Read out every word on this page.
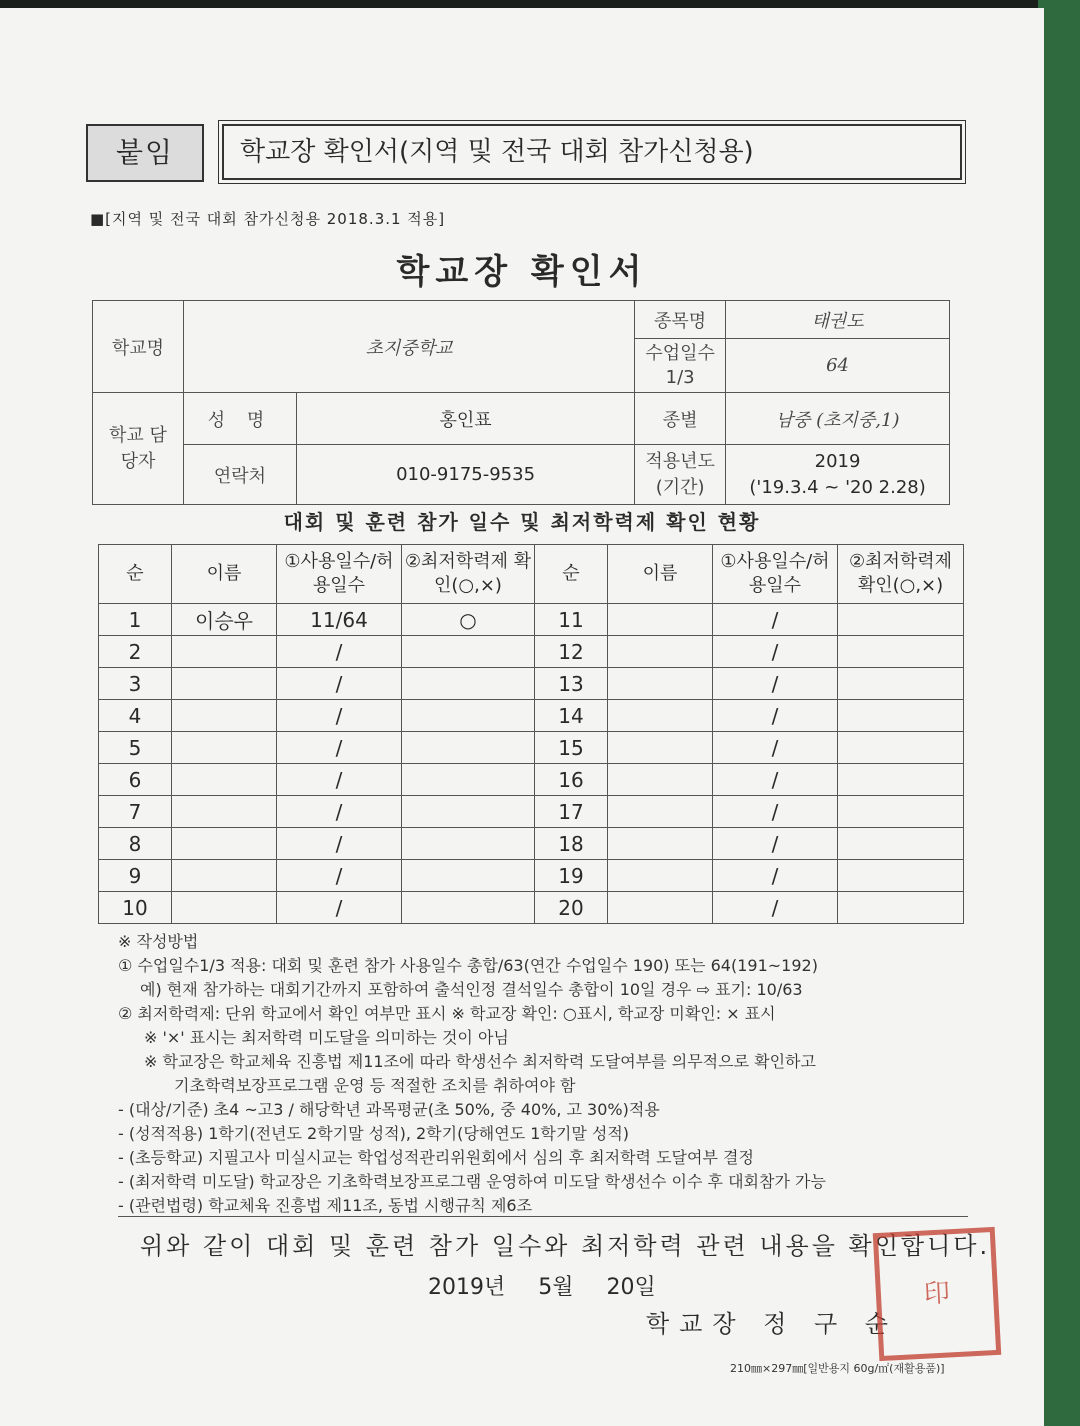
붙임	학교장 확인서(지역 및 전국 대회 참가신청용)
■[지역 및 전국 대회 참가신청용 2018.3.1 적용]
학교장 확인서
학교명	초지중학교		종목명	태권도
			수업일수 1/3	64
학교 담당자	성 명	홍인표	종별	남중 (초지중,1)
	연락처	010-9175-9535	적용년도 (기간)	2019
('19.3.4 ~ '20 2.28)
대회 및 훈련 참가 일수 및 최저학력제 확인 현황
순	이름	①사용일수/허용일수	②최저학력제 확인(○,×)	순	이름	①사용일수/허용일수	②최저학력제 확인(○,×)
1	이승우	11/64	○	11		/	
2		/		12		/	
3		/		13		/	
4		/		14		/	
5		/		15		/	
6		/		16		/	
7		/		17		/	
8		/		18		/	
9		/		19		/	
10		/		20		/	
※ 작성방법
① 수업일수1/3 적용: 대회 및 훈련 참가 사용일수 총합/63(연간 수업일수 190) 또는 64(191~192)
예) 현재 참가하는 대회기간까지 포함하여 출석인정 결석일수 총합이 10일 경우 ⇨ 표기: 10/63
② 최저학력제: 단위 학교에서 확인 여부만 표시 ※ 학교장 확인: ○표시, 학교장 미확인: × 표시
※ '×' 표시는 최저학력 미도달을 의미하는 것이 아님
※ 학교장은 학교체육 진흥법 제11조에 따라 학생선수 최저학력 도달여부를 의무적으로 확인하고
기초학력보장프로그램 운영 등 적절한 조치를 취하여야 함
- (대상/기준) 초4 ~고3 / 해당학년 과목평균(초 50%, 중 40%, 고 30%)적용
- (성적적용) 1학기(전년도 2학기말 성적), 2학기(당해연도 1학기말 성적)
- (초등학교) 지필고사 미실시교는 학업성적관리위원회에서 심의 후 최저학력 도달여부 결정
- (최저학력 미도달) 학교장은 기초학력보장프로그램 운영하여 미도달 학생선수 이수 후 대회참가 가능
- (관련법령) 학교체육 진흥법 제11조, 동법 시행규칙 제6조
위와 같이 대회 및 훈련 참가 일수와 최저학력 관련 내용을 확인합니다.
2019년 5월 20일
학교장 정 구 순
印
210㎜×297㎜[일반용지 60g/㎡(재활용품)]
